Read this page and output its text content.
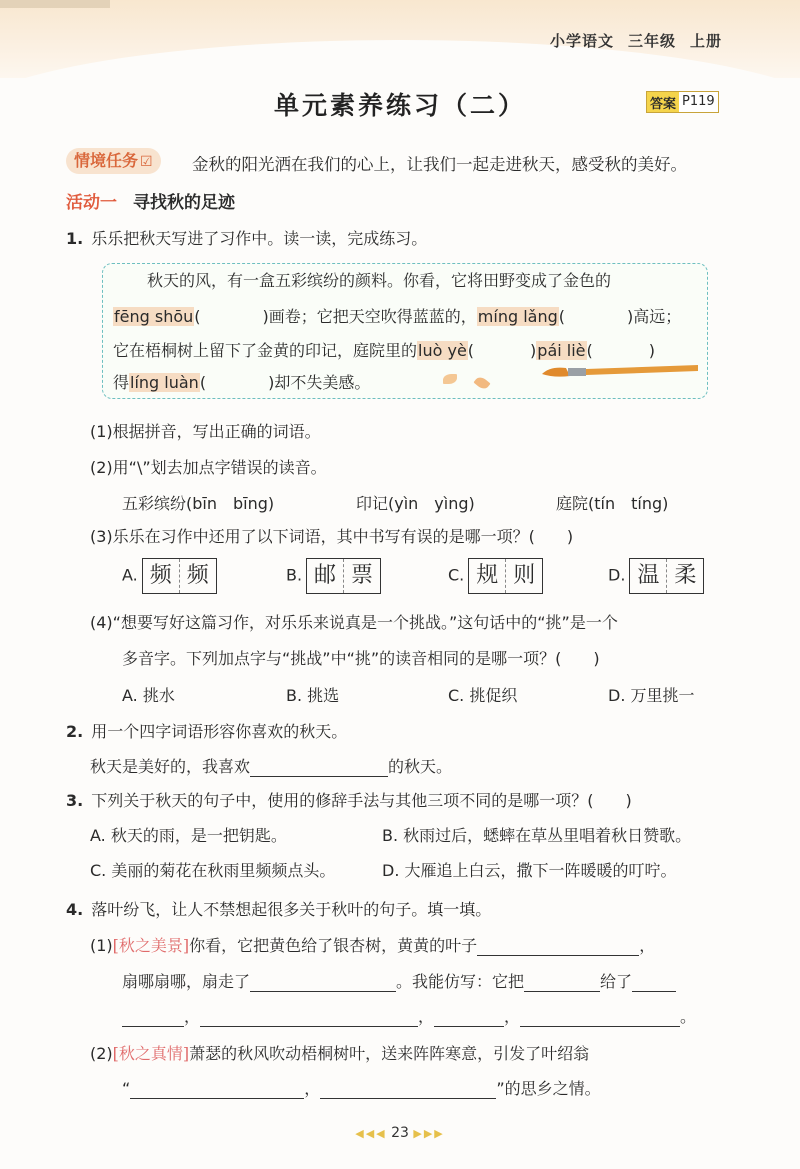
小学语文 三年级 上册
单元素养练习（二）	答案 P119
情境任务 ☑	金秋的阳光洒在我们的心上，让我们一起走进秋天，感受秋的美好。
活动一 寻找秋的足迹
1. 乐乐把秋天写进了习作中。读一读，完成练习。
秋天的风，有一盒五彩缤纷的颜料。你看，它将田野变成了金色的
fēng shōu(	)画卷；它把天空吹得蓝蓝的，míng lǎng(	)高远；
它在梧桐树上留下了金黄的印记，庭院里的luò yè(	)pái liè(	)
得líng luàn(	)却不失美感。
(1)根据拼音，写出正确的词语。
(2)用“\”划去加点字错误的读音。
五彩缤纷(bīn　bīng)	印记(yìn　yìng)	庭院(tín　tíng)
(3)乐乐在习作中还用了以下词语，其中书写有误的是哪一项？(　　)
A. 频 频	B. 邮 票	C. 规 则	D. 温 柔
(4)“想要写好这篇习作，对乐乐来说真是一个挑战。”这句话中的“挑”是一个
多音字。下列加点字与“挑战”中“挑”的读音相同的是哪一项？(　　)
A. 挑水	B. 挑选	C. 挑促织	D. 万里挑一
2. 用一个四字词语形容你喜欢的秋天。
秋天是美好的，我喜欢	的秋天。
3. 下列关于秋天的句子中，使用的修辞手法与其他三项不同的是哪一项？(　　)
A. 秋天的雨，是一把钥匙。	B. 秋雨过后，蟋蟀在草丛里唱着秋日赞歌。
C. 美丽的菊花在秋雨里频频点头。	D. 大雁追上白云，撒下一阵暖暖的叮咛。
4. 落叶纷飞，让人不禁想起很多关于秋叶的句子。填一填。
(1)[秋之美景]你看，它把黄色给了银杏树，黄黄的叶子	，
扇哪扇哪，扇走了	。我能仿写：它把	给了
，	，	，	。
(2)[秋之真情]萧瑟的秋风吹动梧桐树叶，送来阵阵寒意，引发了叶绍翁
“	，	”的思乡之情。
◀◀◀ 23 ▶▶▶
